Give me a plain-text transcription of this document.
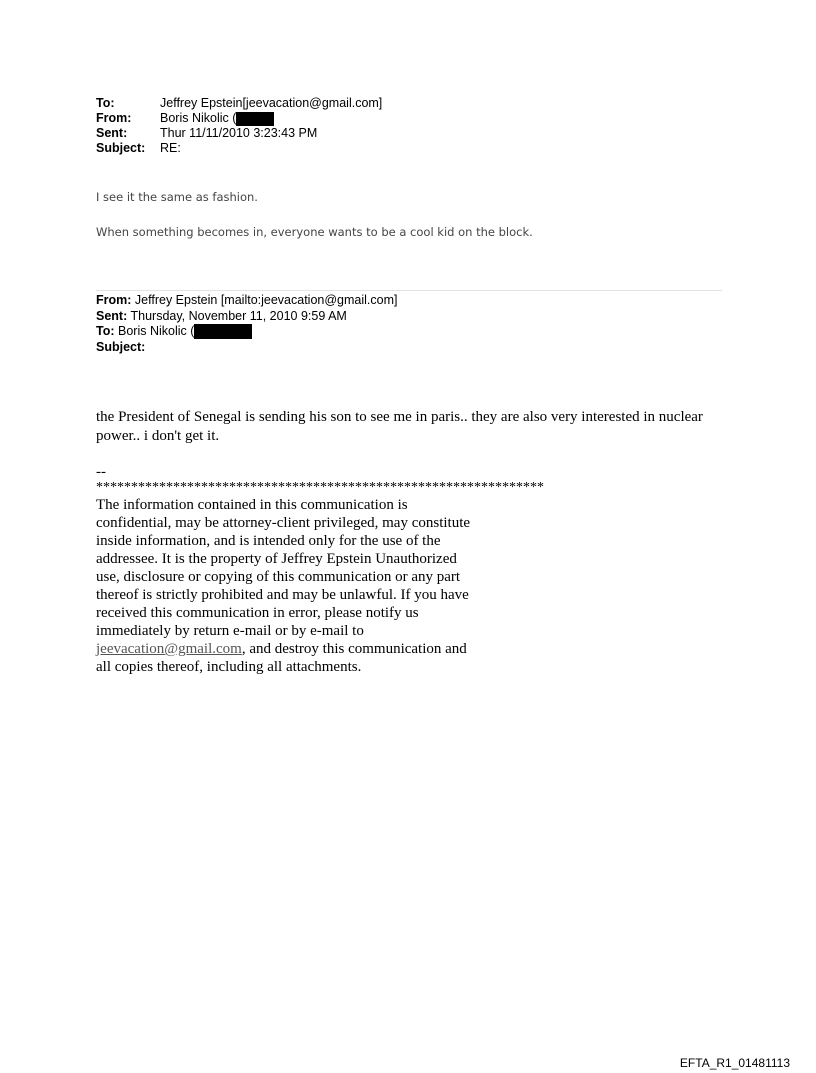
To:	Jeffrey Epstein[jeevacation@gmail.com]
From:	Boris Nikolic (
Sent:	Thur 11/11/2010 3:23:43 PM
Subject:	RE:
I see it the same as fashion.
When something becomes in, everyone wants to be a cool kid on the block.
From: Jeffrey Epstein [mailto:jeevacation@gmail.com]
Sent: Thursday, November 11, 2010 9:59 AM
To: Boris Nikolic (
Subject:
the President of Senegal is sending his son to see me in paris.. they are also very interested in nuclear power.. i don't get it.
--
****************************************************************
The information contained in this communication is confidential, may be attorney-client privileged, may constitute inside information, and is intended only for the use of the addressee. It is the property of Jeffrey Epstein Unauthorized use, disclosure or copying of this communication or any part thereof is strictly prohibited and may be unlawful. If you have received this communication in error, please notify us immediately by return e-mail or by e-mail to jeevacation@gmail.com, and destroy this communication and all copies thereof, including all attachments.
EFTA_R1_01481113
